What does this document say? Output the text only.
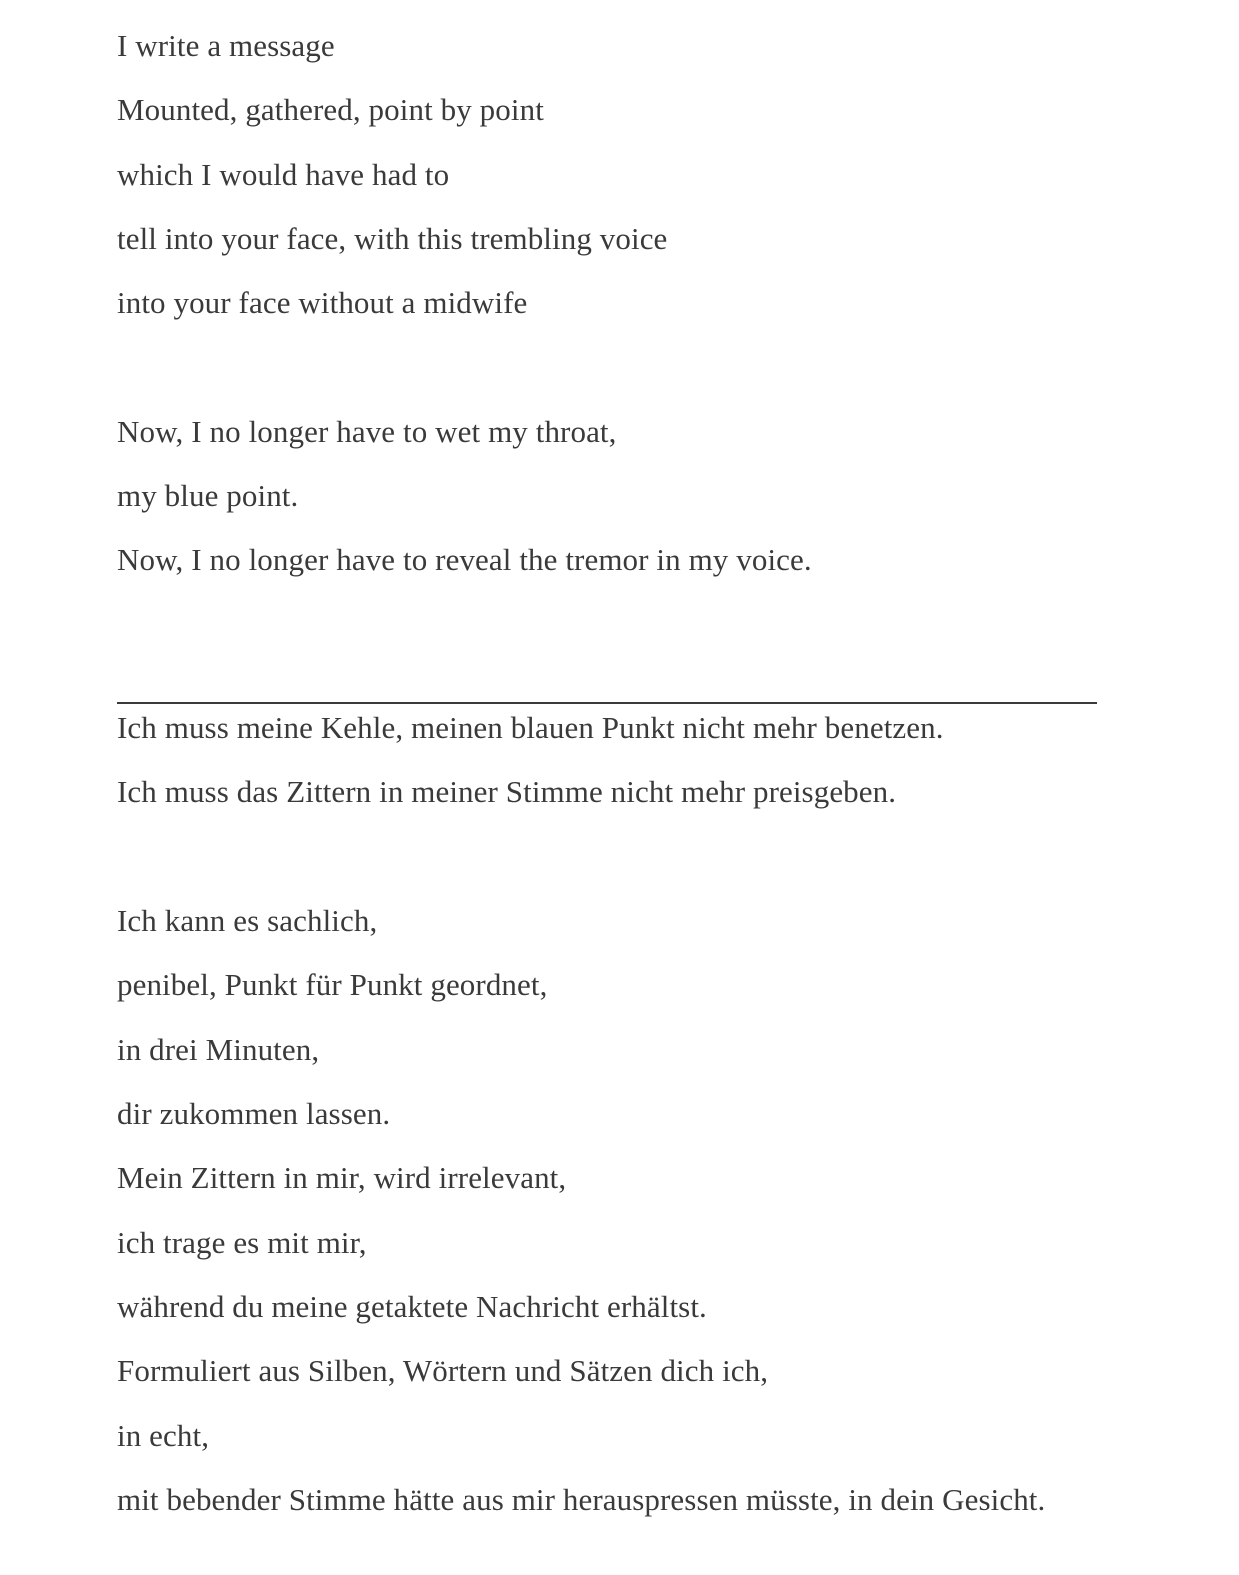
I write a message
Mounted, gathered, point by point
which I would have had to
tell into your face, with this trembling voice
into your face without a midwife
Now, I no longer have to wet my throat,
my blue point.
Now, I no longer have to reveal the tremor in my voice.
Ich muss meine Kehle, meinen blauen Punkt nicht mehr benetzen.
Ich muss das Zittern in meiner Stimme nicht mehr preisgeben.
Ich kann es sachlich,
penibel, Punkt für Punkt geordnet,
in drei Minuten,
dir zukommen lassen.
Mein Zittern in mir, wird irrelevant,
ich trage es mit mir,
während du meine getaktete Nachricht erhältst.
Formuliert aus Silben, Wörtern und Sätzen dich ich,
in echt,
mit bebender Stimme hätte aus mir herauspressen müsste, in dein Gesicht.
